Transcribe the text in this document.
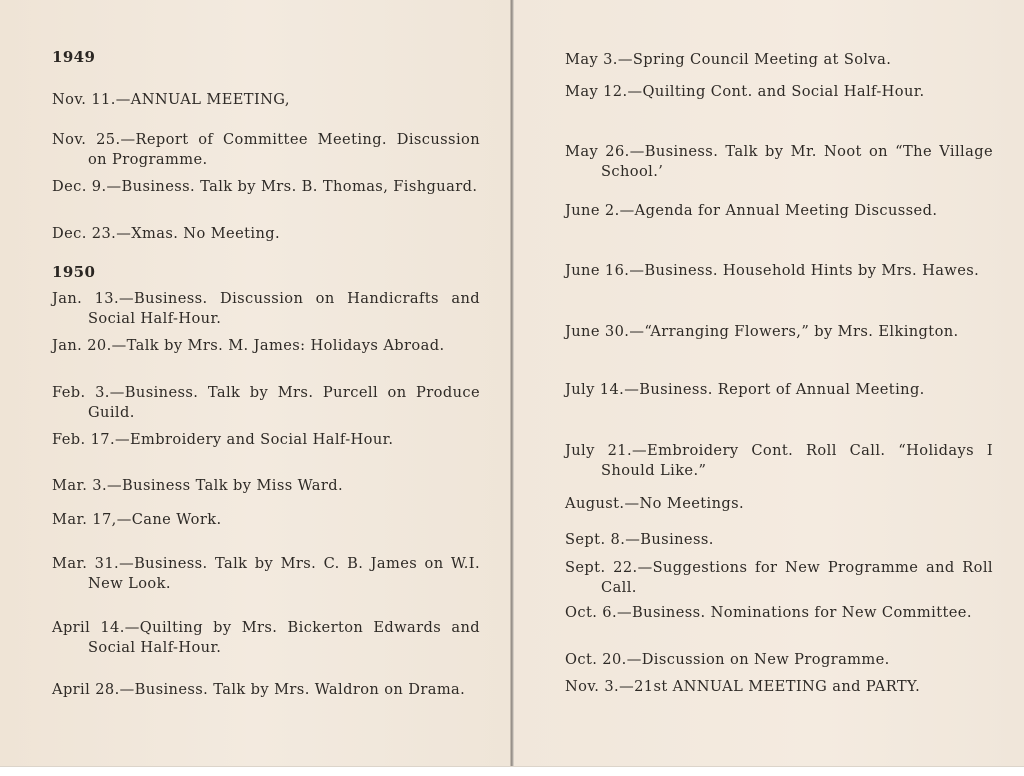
1949
Nov. 11.—ANNUAL MEETING,
Nov. 25.—Report of Committee Meeting. Discussion on Programme.
Dec. 9.—Business. Talk by Mrs. B. Thomas, Fishguard.
Dec. 23.—Xmas. No Meeting.
1950
Jan. 13.—Business. Discussion on Handicrafts and Social Half-Hour.
Jan. 20.—Talk by Mrs. M. James: Holidays Abroad.
Feb. 3.—Business. Talk by Mrs. Purcell on Produce Guild.
Feb. 17.—Embroidery and Social Half-Hour.
Mar. 3.—Business Talk by Miss Ward.
Mar. 17,—Cane Work.
Mar. 31.—Business. Talk by Mrs. C. B. James on W.I. New Look.
April 14.—Quilting by Mrs. Bickerton Edwards and Social Half-Hour.
April 28.—Business. Talk by Mrs. Waldron on Drama.
May 3.—Spring Council Meeting at Solva.
May 12.—Quilting Cont. and Social Half-Hour.
May 26.—Business. Talk by Mr. Noot on “The Village School.’
June 2.—Agenda for Annual Meeting Discussed.
June 16.—Business. Household Hints by Mrs. Hawes.
June 30.—“Arranging Flowers,” by Mrs. Elkington.
July 14.—Business. Report of Annual Meeting.
July 21.—Embroidery Cont. Roll Call. “Holidays I Should Like.”
August.—No Meetings.
Sept. 8.—Business.
Sept. 22.—Suggestions for New Programme and Roll Call.
Oct. 6.—Business. Nominations for New Committee.
Oct. 20.—Discussion on New Programme.
Nov. 3.—21st ANNUAL MEETING and PARTY.
